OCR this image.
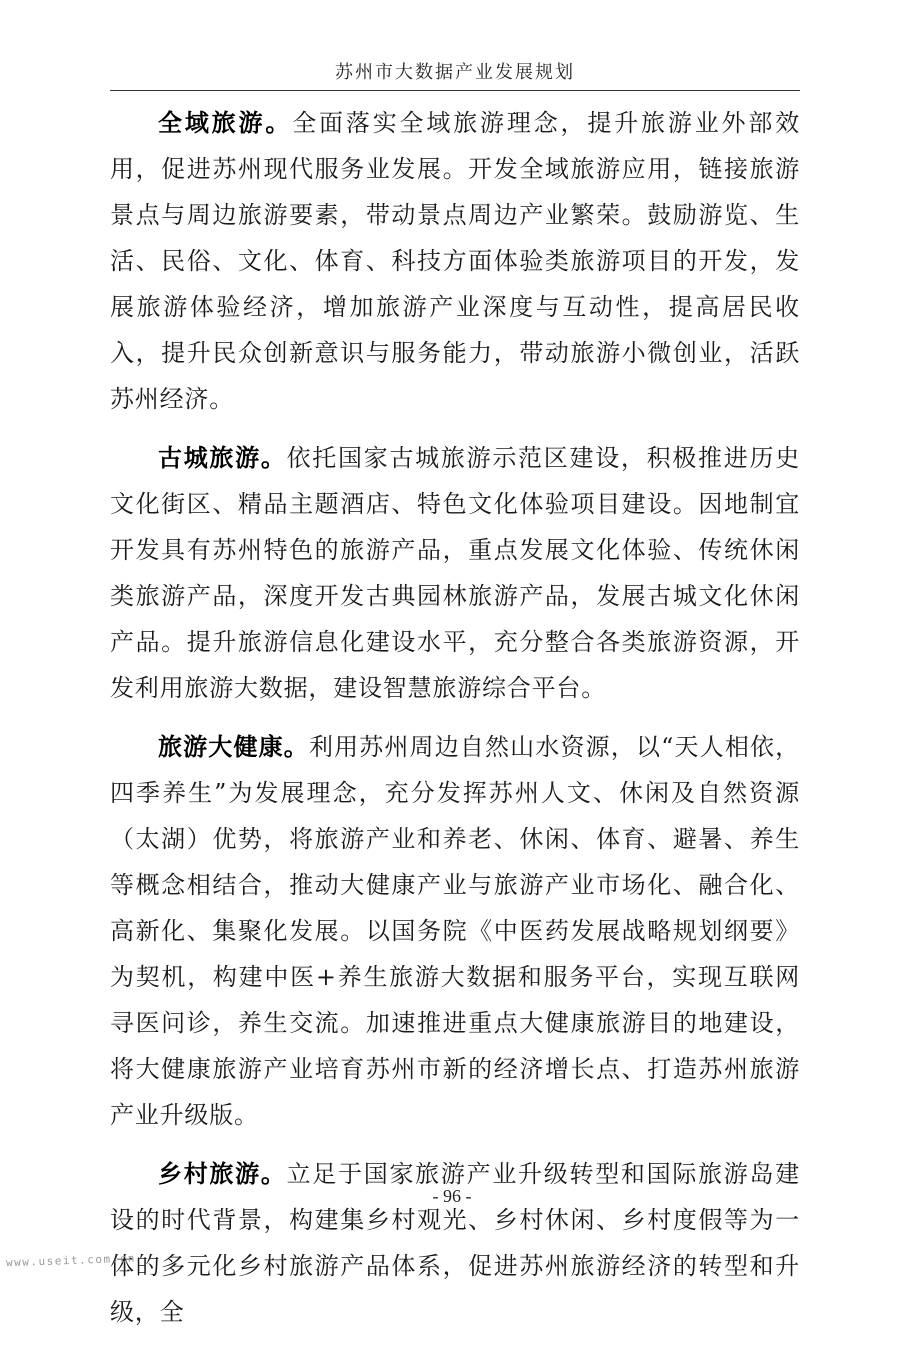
苏州市大数据产业发展规划

全域旅游。全面落实全域旅游理念，提升旅游业外部效用，促进苏州现代服务业发展。开发全域旅游应用，链接旅游景点与周边旅游要素，带动景点周边产业繁荣。鼓励游览、生活、民俗、文化、体育、科技方面体验类旅游项目的开发，发展旅游体验经济，增加旅游产业深度与互动性，提高居民收入，提升民众创新意识与服务能力，带动旅游小微创业，活跃苏州经济。

古城旅游。依托国家古城旅游示范区建设，积极推进历史文化街区、精品主题酒店、特色文化体验项目建设。因地制宜开发具有苏州特色的旅游产品，重点发展文化体验、传统休闲类旅游产品，深度开发古典园林旅游产品，发展古城文化休闲产品。提升旅游信息化建设水平，充分整合各类旅游资源，开发利用旅游大数据，建设智慧旅游综合平台。

旅游大健康。利用苏州周边自然山水资源，以“天人相依，四季养生”为发展理念，充分发挥苏州人文、休闲及自然资源（太湖）优势，将旅游产业和养老、休闲、体育、避暑、养生等概念相结合，推动大健康产业与旅游产业市场化、融合化、高新化、集聚化发展。以国务院《中医药发展战略规划纲要》为契机，构建中医+养生旅游大数据和服务平台，实现互联网寻医问诊，养生交流。加速推进重点大健康旅游目的地建设，将大健康旅游产业培育苏州市新的经济增长点、打造苏州旅游产业升级版。

乡村旅游。立足于国家旅游产业升级转型和国际旅游岛建设的时代背景，构建集乡村观光、乡村休闲、乡村度假等为一体的多元化乡村旅游产品体系，促进苏州旅游经济的转型和升级，全

- 96 -
www.useit.com.cn
